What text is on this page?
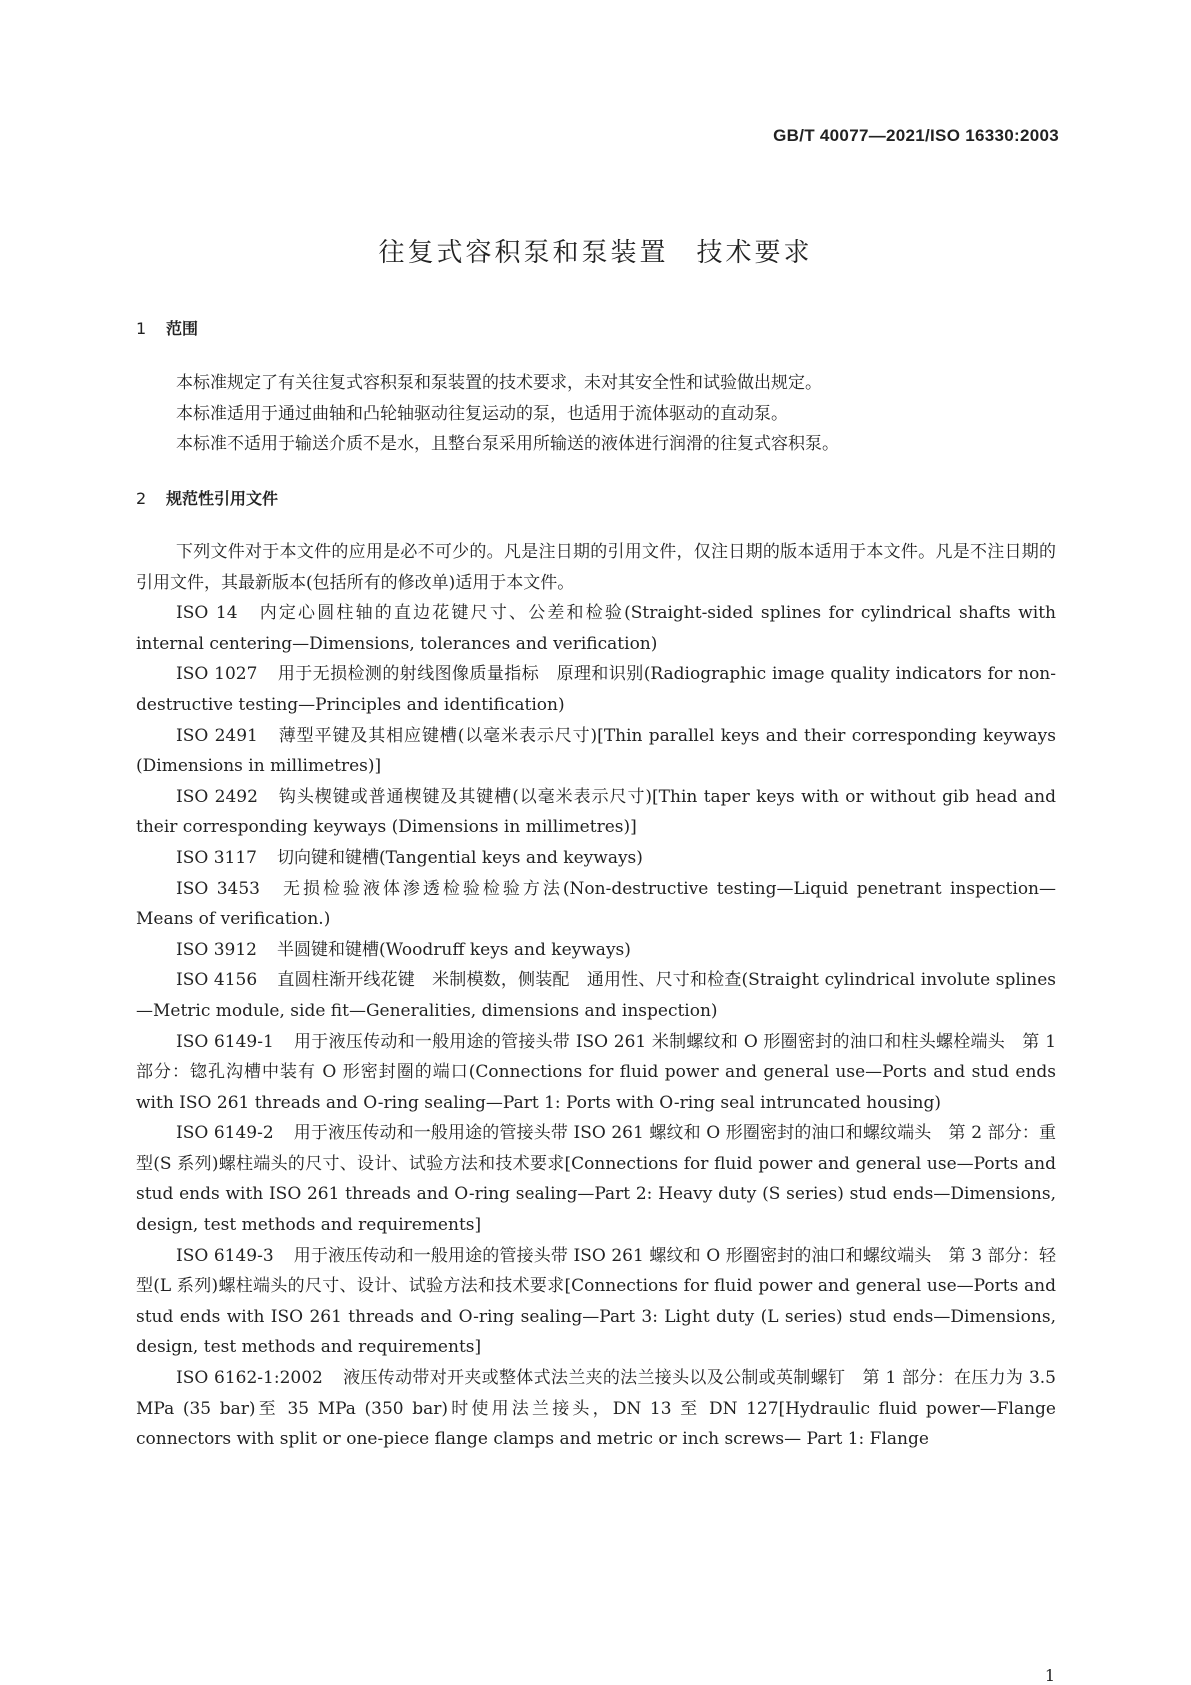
GB/T 40077—2021/ISO 16330:2003
往复式容积泵和泵装置 技术要求
1 范围

本标准规定了有关往复式容积泵和泵装置的技术要求，未对其安全性和试验做出规定。

本标准适用于通过曲轴和凸轮轴驱动往复运动的泵，也适用于流体驱动的直动泵。

本标准不适用于输送介质不是水，且整台泵采用所输送的液体进行润滑的往复式容积泵。

2 规范性引用文件

下列文件对于本文件的应用是必不可少的。凡是注日期的引用文件，仅注日期的版本适用于本文件。凡是不注日期的引用文件，其最新版本(包括所有的修改单)适用于本文件。

ISO 14 内定心圆柱轴的直边花键尺寸、公差和检验(Straight-sided splines for cylindrical shafts with internal centering—Dimensions, tolerances and verification)

ISO 1027 用于无损检测的射线图像质量指标　原理和识别(Radiographic image quality indicators for non-destructive testing—Principles and identification)

ISO 2491 薄型平键及其相应键槽(以毫米表示尺寸)[Thin parallel keys and their corresponding keyways (Dimensions in millimetres)]

ISO 2492 钩头楔键或普通楔键及其键槽(以毫米表示尺寸)[Thin taper keys with or without gib head and their corresponding keyways (Dimensions in millimetres)]

ISO 3117 切向键和键槽(Tangential keys and keyways)

ISO 3453 无损检验液体渗透检验检验方法(Non-destructive testing—Liquid penetrant inspection—Means of verification.)

ISO 3912 半圆键和键槽(Woodruff keys and keyways)

ISO 4156 直圆柱渐开线花键　米制模数，侧装配　通用性、尺寸和检查(Straight cylindrical involute splines—Metric module, side fit—Generalities, dimensions and inspection)

ISO 6149-1 用于液压传动和一般用途的管接头带 ISO 261 米制螺纹和 O 形圈密封的油口和柱头螺栓端头　第 1 部分：锪孔沟槽中装有 O 形密封圈的端口(Connections for fluid power and general use—Ports and stud ends with ISO 261 threads and O-ring sealing—Part 1: Ports with O-ring seal intruncated housing)

ISO 6149-2 用于液压传动和一般用途的管接头带 ISO 261 螺纹和 O 形圈密封的油口和螺纹端头　第 2 部分：重型(S 系列)螺柱端头的尺寸、设计、试验方法和技术要求[Connections for fluid power and general use—Ports and stud ends with ISO 261 threads and O-ring sealing—Part 2: Heavy duty (S series) stud ends—Dimensions, design, test methods and requirements]

ISO 6149-3 用于液压传动和一般用途的管接头带 ISO 261 螺纹和 O 形圈密封的油口和螺纹端头　第 3 部分：轻型(L 系列)螺柱端头的尺寸、设计、试验方法和技术要求[Connections for fluid power and general use—Ports and stud ends with ISO 261 threads and O-ring sealing—Part 3: Light duty (L series) stud ends—Dimensions, design, test methods and requirements]

ISO 6162-1:2002 液压传动带对开夹或整体式法兰夹的法兰接头以及公制或英制螺钉　第 1 部分：在压力为 3.5 MPa (35 bar)至 35 MPa (350 bar)时使用法兰接头，DN 13 至 DN 127[Hydraulic fluid power—Flange connectors with split or one-piece flange clamps and metric or inch screws— Part 1: Flange

1
